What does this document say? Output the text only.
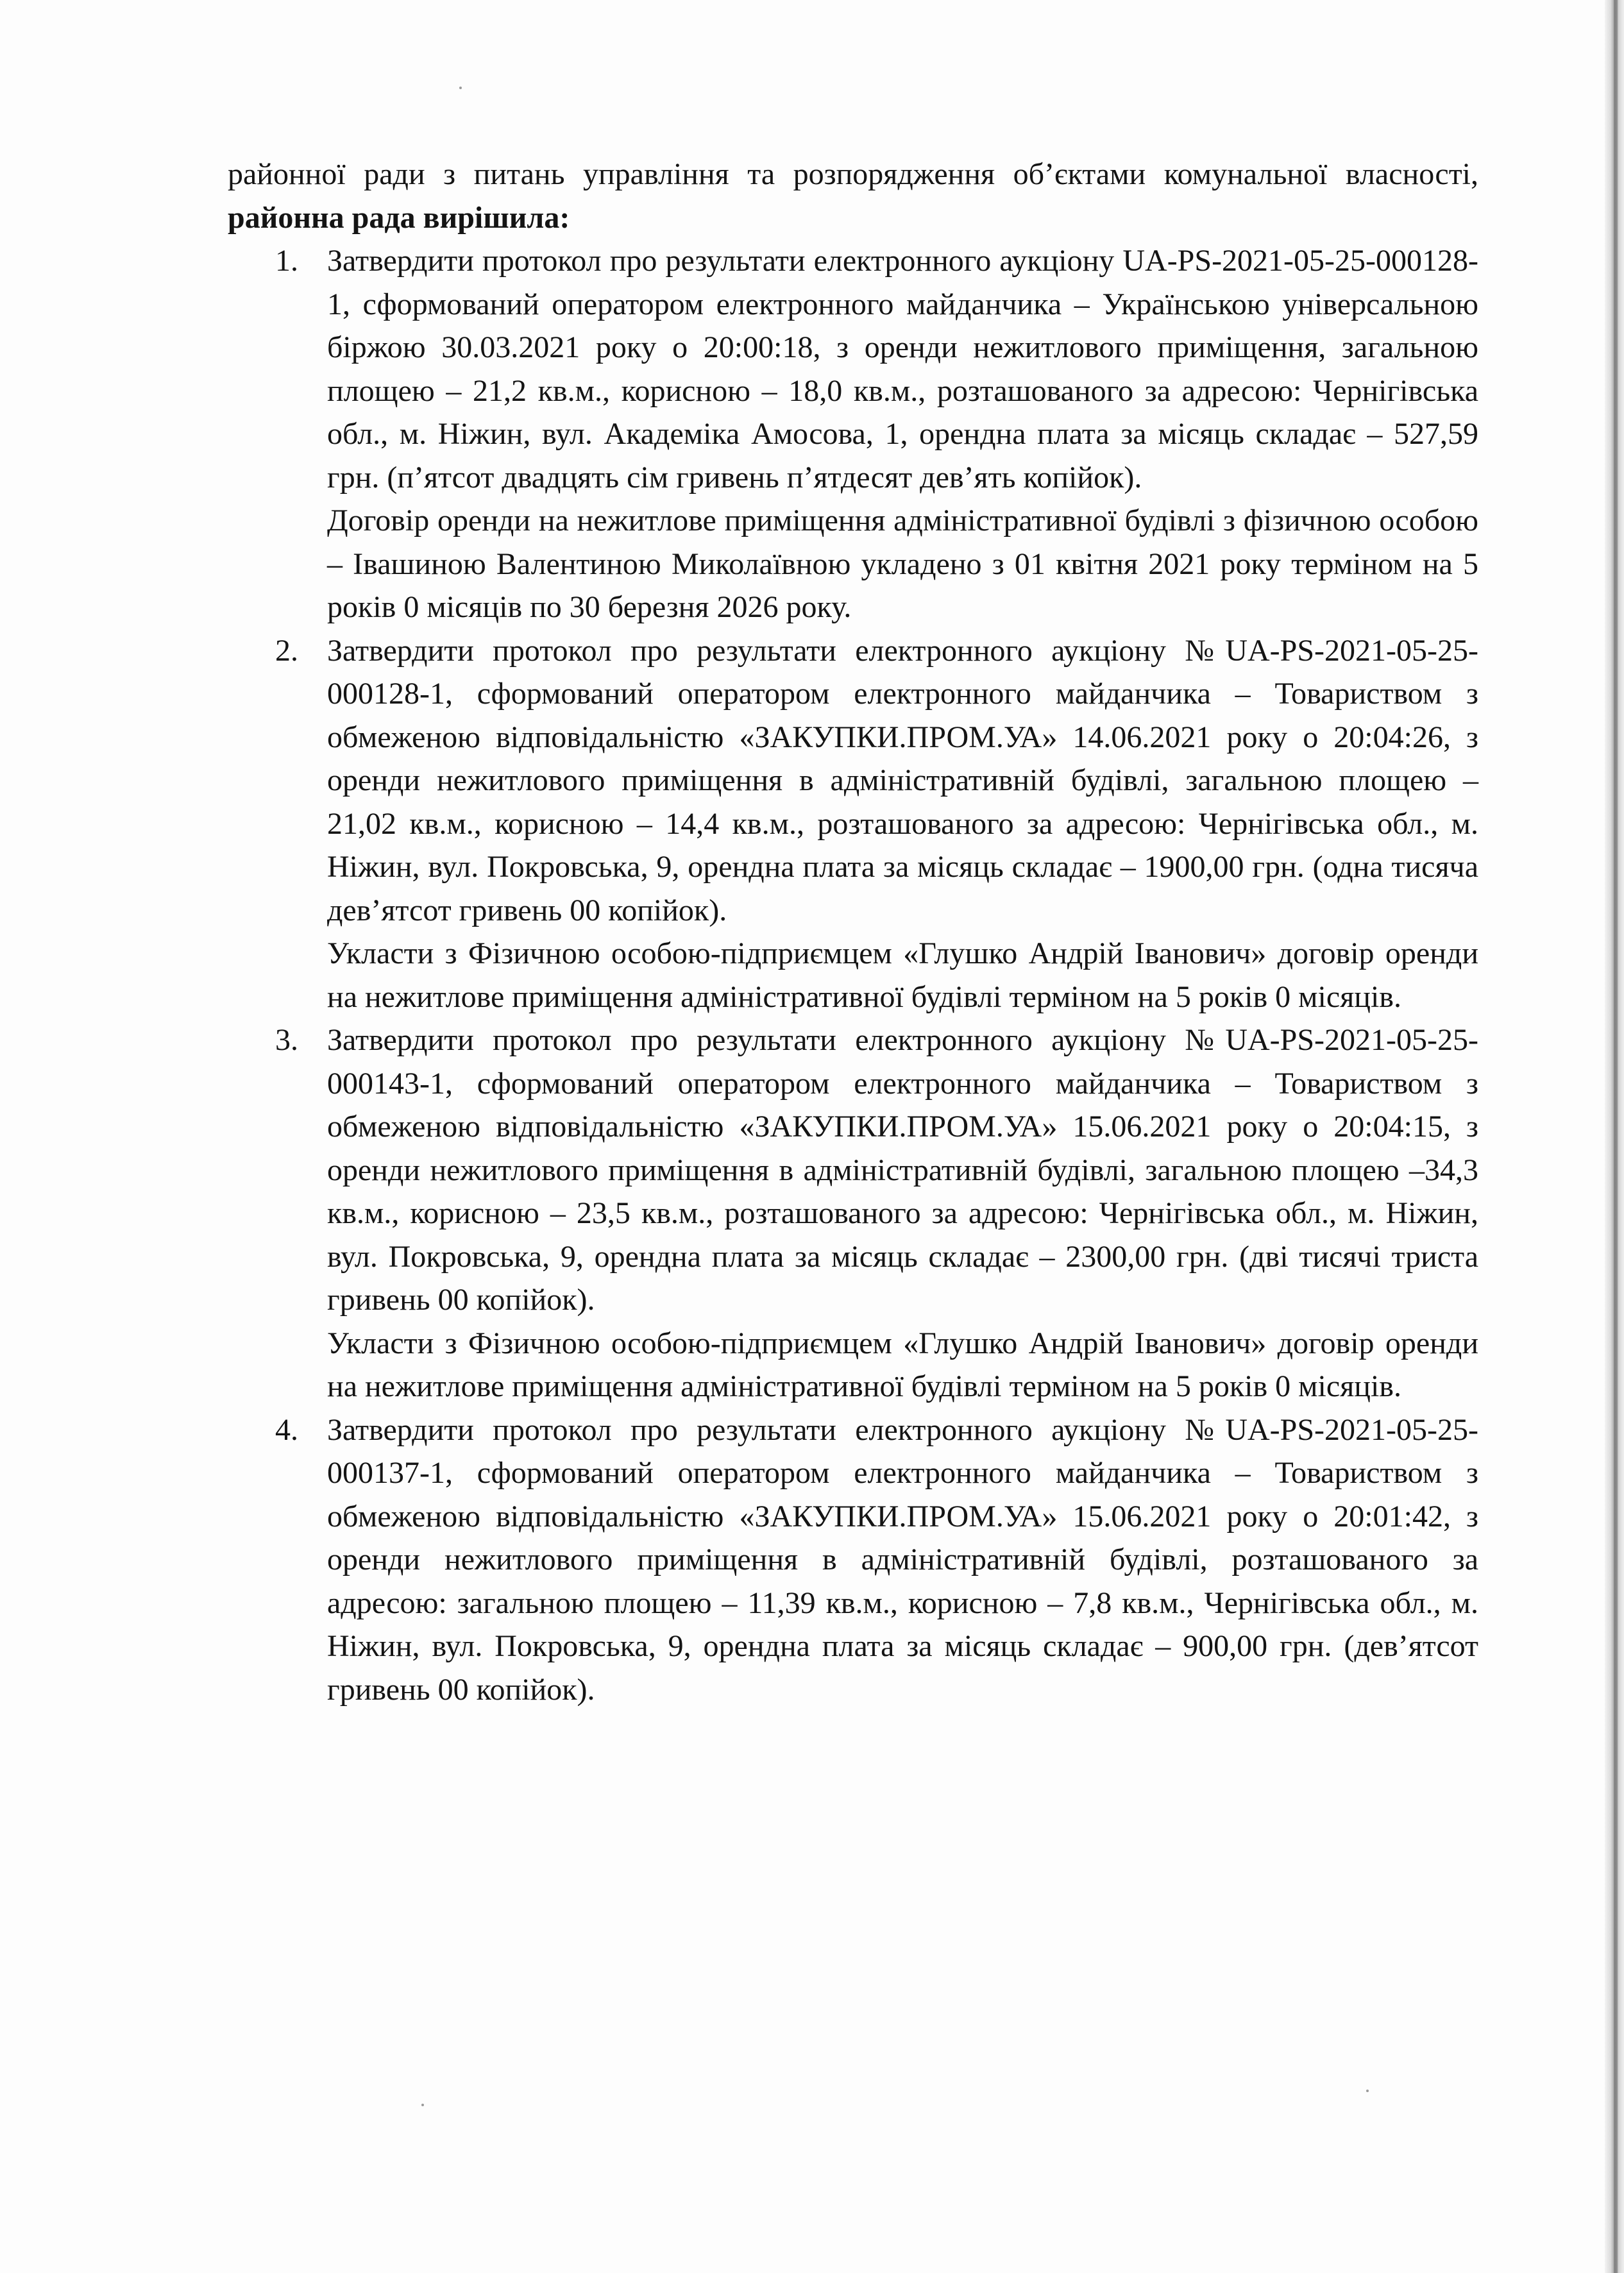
районної ради з питань управління та розпорядження об’єктами комунальної власності, районна рада вирішила:

1. Затвердити протокол про результати електронного аукціону UA-PS-2021-05-25-000128-1, сформований оператором електронного майданчика – Українською універсальною біржою 30.03.2021 року о 20:00:18, з оренди нежитлового приміщення, загальною площею – 21,2 кв.м., корисною – 18,0 кв.м., розташованого за адресою: Чернігівська обл., м. Ніжин, вул. Академіка Амосова, 1, орендна плата за місяць складає – 527,59 грн. (п’ятсот двадцять сім гривень п’ятдесят дев’ять копійок).

Договір оренди на нежитлове приміщення адміністративної будівлі з фізичною особою – Івашиною Валентиною Миколаївною укладено з 01 квітня 2021 року терміном на 5 років 0 місяців по 30 березня 2026 року.

2. Затвердити протокол про результати електронного аукціону №UA-PS-2021-05-25-000128-1, сформований оператором електронного майданчика – Товариством з обмеженою відповідальністю «ЗАКУПКИ.ПРОМ.УА» 14.06.2021 року о 20:04:26, з оренди нежитлового приміщення в адміністративній будівлі, загальною площею – 21,02 кв.м., корисною – 14,4 кв.м., розташованого за адресою: Чернігівська обл., м. Ніжин, вул. Покровська, 9, орендна плата за місяць складає – 1900,00 грн. (одна тисяча дев’ятсот гривень 00 копійок).

Укласти з Фізичною особою-підприємцем «Глушко Андрій Іванович» договір оренди на нежитлове приміщення адміністративної будівлі терміном на 5 років 0 місяців.

3. Затвердити протокол про результати електронного аукціону №UA-PS-2021-05-25-000143-1, сформований оператором електронного майданчика – Товариством з обмеженою відповідальністю «ЗАКУПКИ.ПРОМ.УА» 15.06.2021 року о 20:04:15, з оренди нежитлового приміщення в адміністративній будівлі, загальною площею –34,3 кв.м., корисною – 23,5 кв.м., розташованого за адресою: Чернігівська обл., м. Ніжин, вул. Покровська, 9, орендна плата за місяць складає – 2300,00 грн. (дві тисячі триста гривень 00 копійок).

Укласти з Фізичною особою-підприємцем «Глушко Андрій Іванович» договір оренди на нежитлове приміщення адміністративної будівлі терміном на 5 років 0 місяців.

4. Затвердити протокол про результати електронного аукціону №UA-PS-2021-05-25-000137-1, сформований оператором електронного майданчика – Товариством з обмеженою відповідальністю «ЗАКУПКИ.ПРОМ.УА» 15.06.2021 року о 20:01:42, з оренди нежитлового приміщення в адміністративній будівлі, розташованого за адресою: загальною площею – 11,39 кв.м., корисною – 7,8 кв.м., Чернігівська обл., м. Ніжин, вул. Покровська, 9, орендна плата за місяць складає – 900,00 грн. (дев’ятсот гривень 00 копійок).
